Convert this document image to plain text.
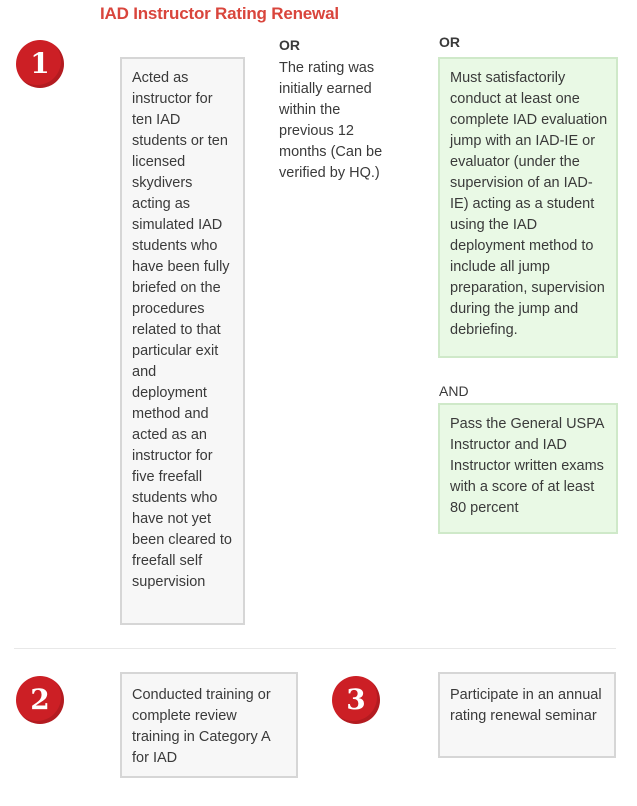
IAD Instructor Rating Renewal
1	Acted as instructor for ten IAD students or ten licensed skydivers acting as simulated IAD students who have been fully briefed on the procedures related to that particular exit and deployment method and acted as an instructor for five freefall students who have not yet been cleared to freefall self supervision
OR
The rating was initially earned within the previous 12 months (Can be verified by HQ.)
OR
Must satisfactorily conduct at least one complete IAD evaluation jump with an IAD-IE or evaluator (under the supervision of an IAD-IE) acting as a student using the IAD deployment method to include all jump preparation, supervision during the jump and debriefing.
AND
Pass the General USPA Instructor and IAD Instructor written exams with a score of at least 80 percent
2	Conducted training or complete review training in Category A for IAD
3	Participate in an annual rating renewal seminar
